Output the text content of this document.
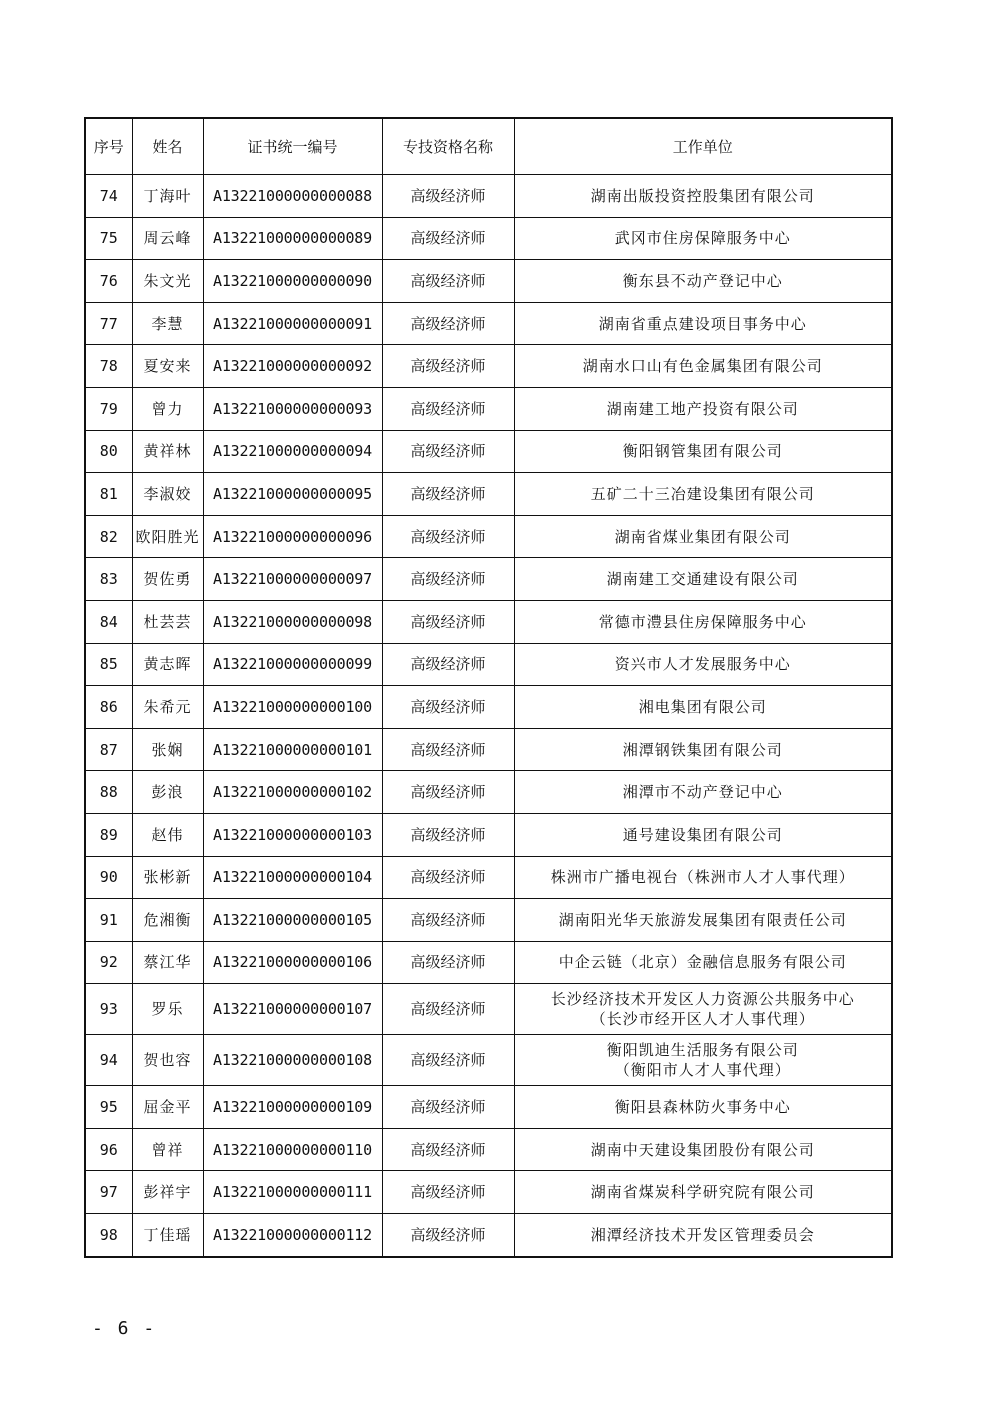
序号	姓名	证书统一编号	专技资格名称	工作单位
74	丁海叶	A13221000000000088	高级经济师	湖南出版投资控股集团有限公司

75	周云峰	A13221000000000089	高级经济师	武冈市住房保障服务中心

76	朱文光	A13221000000000090	高级经济师	衡东县不动产登记中心

77	李慧	A13221000000000091	高级经济师	湖南省重点建设项目事务中心

78	夏安来	A13221000000000092	高级经济师	湖南水口山有色金属集团有限公司

79	曾力	A13221000000000093	高级经济师	湖南建工地产投资有限公司

80	黄祥林	A13221000000000094	高级经济师	衡阳钢管集团有限公司

81	李淑姣	A13221000000000095	高级经济师	五矿二十三冶建设集团有限公司

82	欧阳胜光	A13221000000000096	高级经济师	湖南省煤业集团有限公司

83	贺佐勇	A13221000000000097	高级经济师	湖南建工交通建设有限公司

84	杜芸芸	A13221000000000098	高级经济师	常德市澧县住房保障服务中心

85	黄志晖	A13221000000000099	高级经济师	资兴市人才发展服务中心

86	朱希元	A13221000000000100	高级经济师	湘电集团有限公司

87	张娴	A13221000000000101	高级经济师	湘潭钢铁集团有限公司

88	彭浪	A13221000000000102	高级经济师	湘潭市不动产登记中心

89	赵伟	A13221000000000103	高级经济师	通号建设集团有限公司

90	张彬新	A13221000000000104	高级经济师	株洲市广播电视台（株洲市人才人事代理）

91	危湘衡	A13221000000000105	高级经济师	湖南阳光华天旅游发展集团有限责任公司

92	蔡江华	A13221000000000106	高级经济师	中企云链（北京）金融信息服务有限公司

93	罗乐	A13221000000000107	高级经济师	长沙经济技术开发区人力资源公共服务中心
（长沙市经开区人才人事代理）

94	贺也容	A13221000000000108	高级经济师	衡阳凯迪生活服务有限公司
（衡阳市人才人事代理）

95	屈金平	A13221000000000109	高级经济师	衡阳县森林防火事务中心

96	曾祥	A13221000000000110	高级经济师	湖南中天建设集团股份有限公司

97	彭祥宇	A13221000000000111	高级经济师	湖南省煤炭科学研究院有限公司

98	丁佳瑶	A13221000000000112	高级经济师	湘潭经济技术开发区管理委员会
- 6 -
